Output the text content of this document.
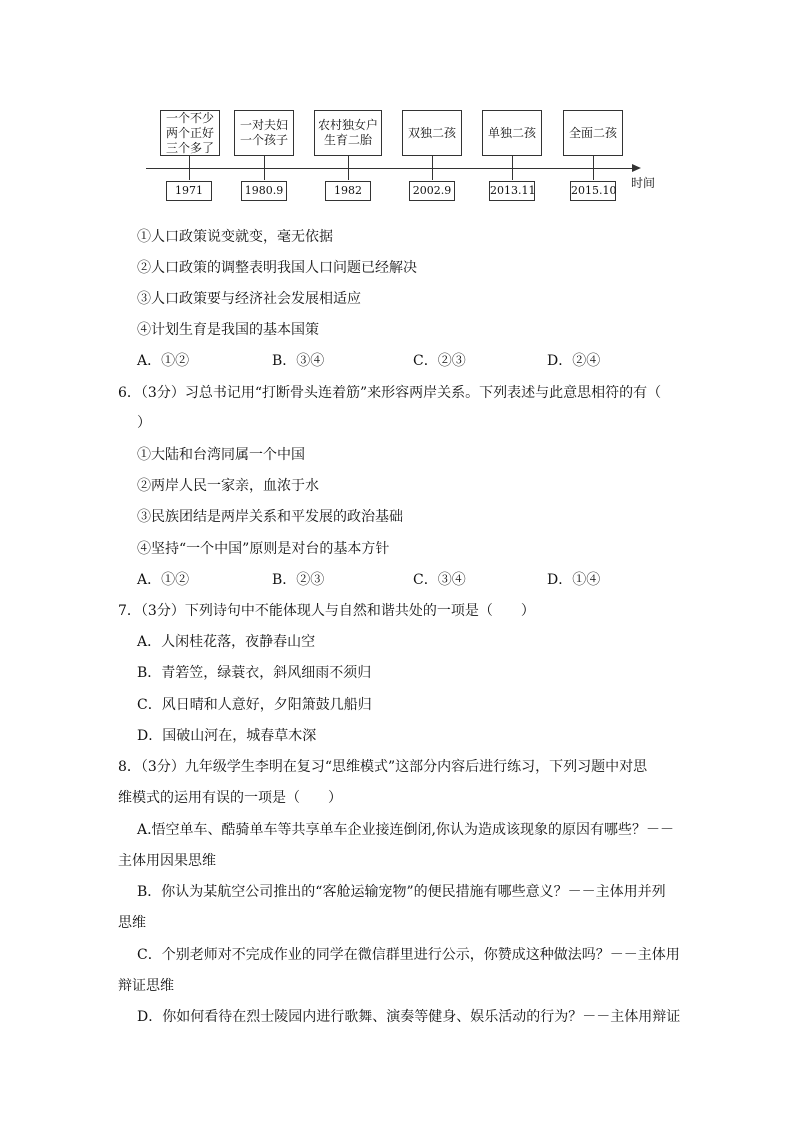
时间
一个不少
两个正好
三个多了
1971
一对夫妇
一个孩子
1980.9
农村独女户
生育二胎
1982
双独二孩
2002.9
单独二孩
2013.11
全面二孩
2015.10
①人口政策说变就变，毫无依据
②人口政策的调整表明我国人口问题已经解决
③人口政策要与经济社会发展相适应
④计划生育是我国的基本国策
A．①②	B．③④	C．②③	D．②④
6．（3分）习总书记用“打断骨头连着筋”来形容两岸关系。下列表述与此意思相符的有（
）
①大陆和台湾同属一个中国
②两岸人民一家亲，血浓于水
③民族团结是两岸关系和平发展的政治基础
④坚持“一个中国”原则是对台的基本方针
A．①②	B．②③	C．③④	D．①④
7．（3分）下列诗句中不能体现人与自然和谐共处的一项是（　　）
A．人闲桂花落，夜静春山空
B．青箬笠，绿蓑衣，斜风细雨不须归
C．风日晴和人意好，夕阳箫鼓几船归
D．国破山河在，城春草木深
8．（3分）九年级学生李明在复习“思维模式”这部分内容后进行练习，下列习题中对思
维模式的运用有误的一项是（　　）
A.悟空单车、酷骑单车等共享单车企业接连倒闭,你认为造成该现象的原因有哪些？－－
主体用因果思维
B．你认为某航空公司推出的“客舱运输宠物”的便民措施有哪些意义？－－主体用并列
思维
C．个别老师对不完成作业的同学在微信群里进行公示，你赞成这种做法吗？－－主体用
辩证思维
D．你如何看待在烈士陵园内进行歌舞、演奏等健身、娱乐活动的行为？－－主体用辩证
